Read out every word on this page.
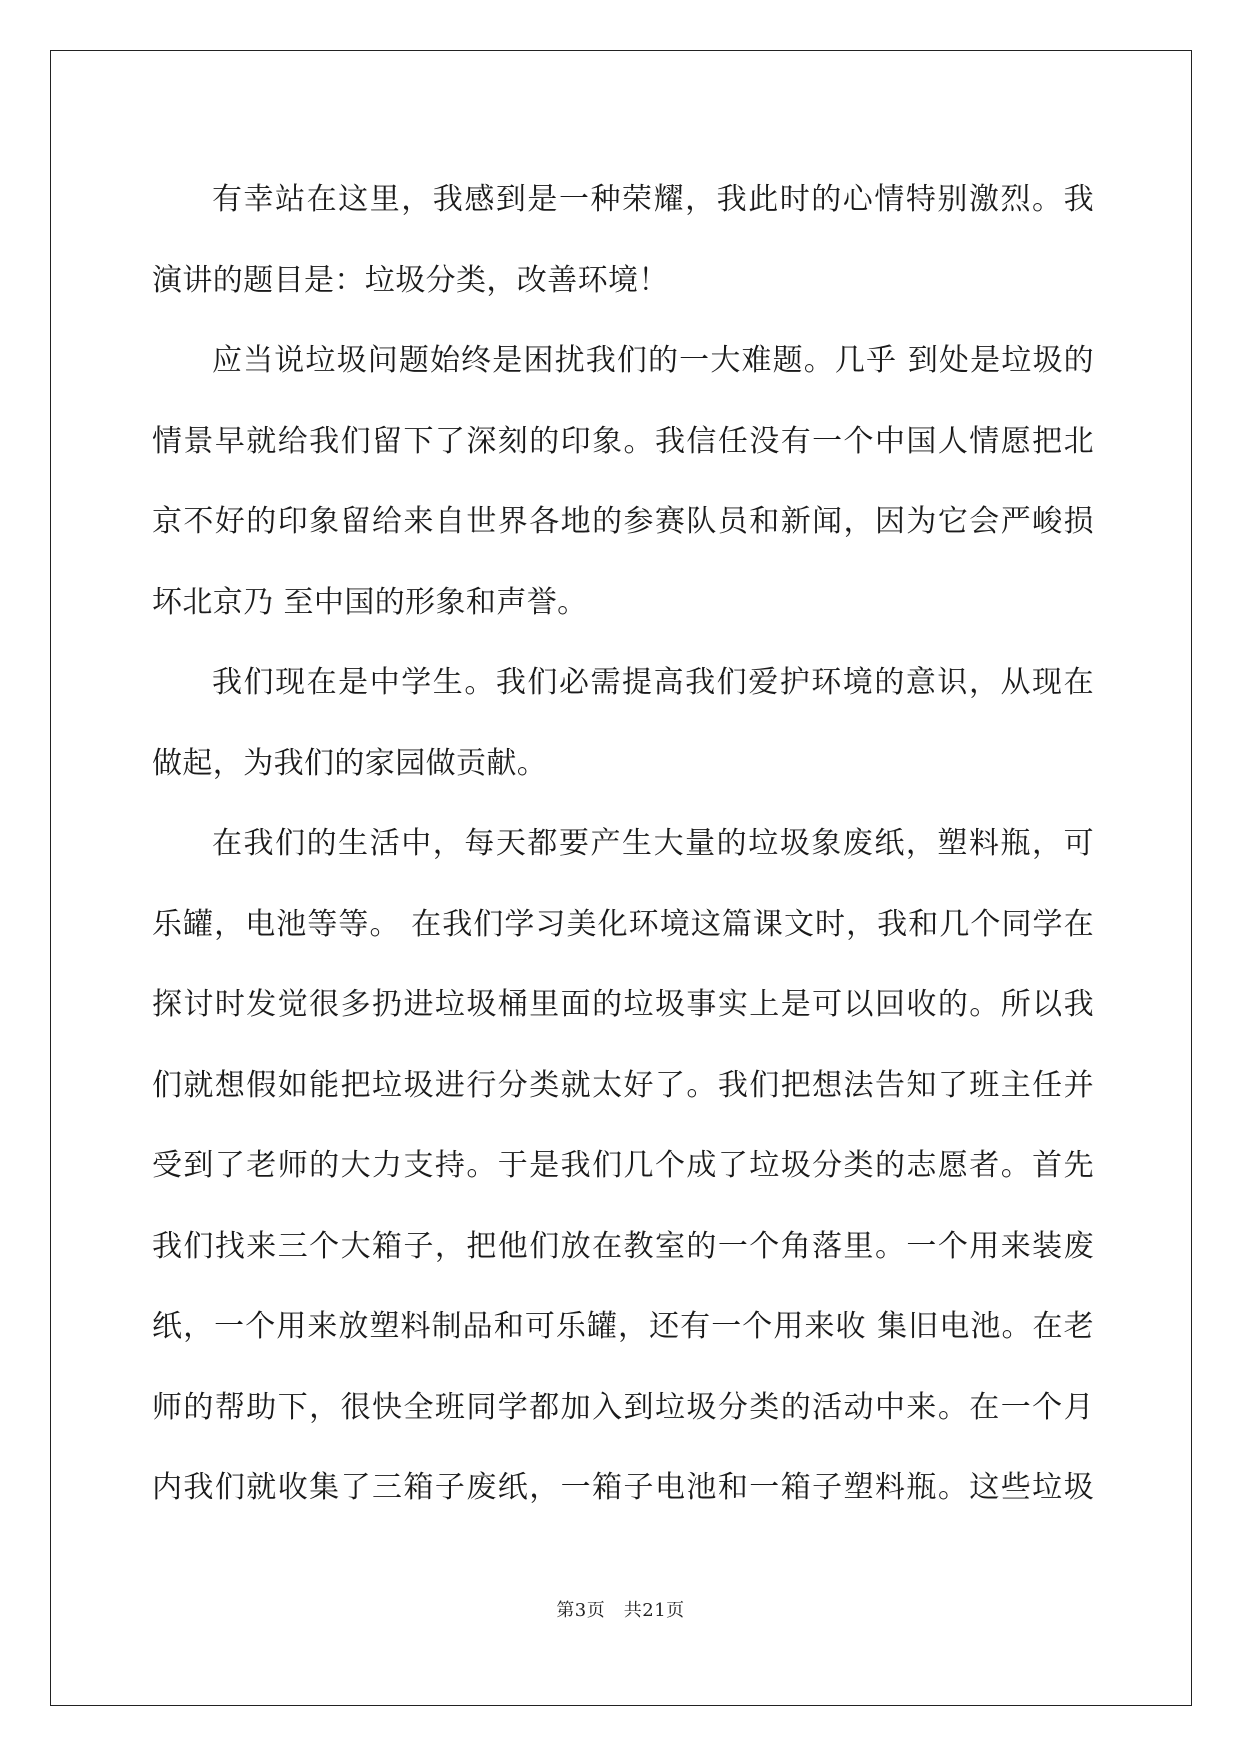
有幸站在这里，我感到是一种荣耀，我此时的心情特别激烈。我
演讲的题目是：垃圾分类，改善环境！
应当说垃圾问题始终是困扰我们的一大难题。几乎 到处是垃圾的
情景早就给我们留下了深刻的印象。我信任没有一个中国人情愿把北
京不好的印象留给来自世界各地的参赛队员和新闻，因为它会严峻损
坏北京乃 至中国的形象和声誉。
我们现在是中学生。我们必需提高我们爱护环境的意识，从现在
做起，为我们的家园做贡献。
在我们的生活中，每天都要产生大量的垃圾象废纸，塑料瓶，可
乐罐，电池等等。 在我们学习美化环境这篇课文时，我和几个同学在
探讨时发觉很多扔进垃圾桶里面的垃圾事实上是可以回收的。所以我
们就想假如能把垃圾进行分类就太好了。我们把想法告知了班主任并
受到了老师的大力支持。于是我们几个成了垃圾分类的志愿者。首先
我们找来三个大箱子，把他们放在教室的一个角落里。一个用来装废
纸，一个用来放塑料制品和可乐罐，还有一个用来收 集旧电池。在老
师的帮助下，很快全班同学都加入到垃圾分类的活动中来。在一个月
内我们就收集了三箱子废纸，一箱子电池和一箱子塑料瓶。这些垃圾
第3页　共21页
